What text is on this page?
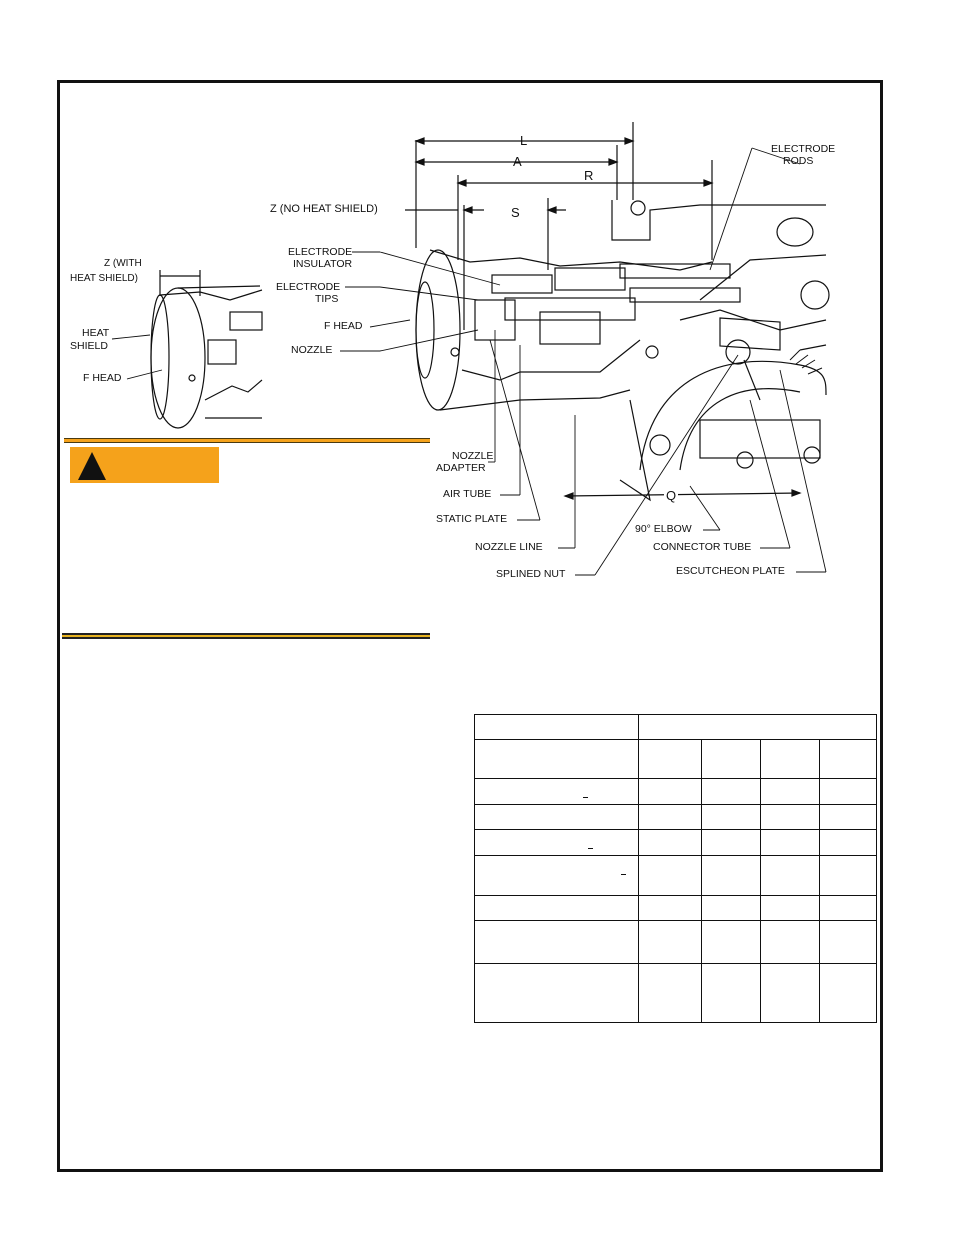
L
A
R
S
Q
Z (NO HEAT SHIELD)
Z (WITH
HEAT SHIELD)
HEAT
SHIELD
F HEAD
ELECTRODE
INSULATOR
ELECTRODE
TIPS
F HEAD
NOZZLE
NOZZLE
ADAPTER
AIR TUBE
STATIC PLATE
NOZZLE LINE
SPLINED NUT
90° ELBOW
CONNECTOR TUBE
ESCUTCHEON PLATE
ELECTRODE
RODS
